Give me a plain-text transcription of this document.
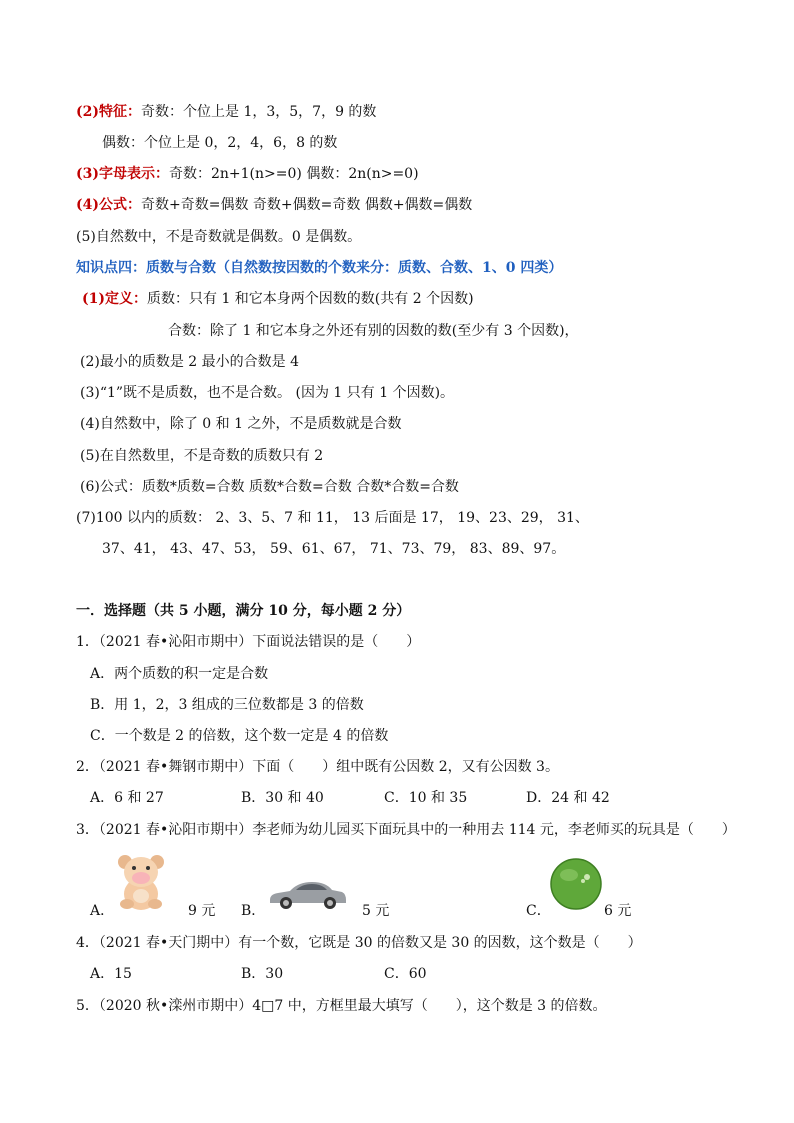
(2)特征：奇数：个位上是 1，3，5，7，9 的数
偶数：个位上是 0，2，4，6，8 的数
(3)字母表示：奇数：2n+1(n>=0) 偶数：2n(n>=0)
(4)公式：奇数+奇数=偶数 奇数+偶数=奇数 偶数+偶数=偶数
(5)自然数中，不是奇数就是偶数。0 是偶数。
知识点四：质数与合数（自然数按因数的个数来分：质数、合数、1、0 四类）
(1)定义：质数：只有 1 和它本身两个因数的数(共有 2 个因数)
合数：除了 1 和它本身之外还有别的因数的数(至少有 3 个因数)，
(2)最小的质数是 2 最小的合数是 4
(3)“1”既不是质数，也不是合数。 (因为 1 只有 1 个因数)。
(4)自然数中，除了 0 和 1 之外，不是质数就是合数
(5)在自然数里，不是奇数的质数只有 2
(6)公式：质数*质数=合数 质数*合数=合数 合数*合数=合数
(7)100 以内的质数： 2、3、5、7 和 11， 13 后面是 17， 19、23、29， 31、
37、41， 43、47、53， 59、61、67， 71、73、79， 83、89、97。
一．选择题（共 5 小题，满分 10 分，每小题 2 分）
1．（2021 春•沁阳市期中）下面说法错误的是（　　）
A．两个质数的积一定是合数
B．用 1，2，3 组成的三位数都是 3 的倍数
C．一个数是 2 的倍数，这个数一定是 4 的倍数
2．（2021 春•舞钢市期中）下面（　　）组中既有公因数 2，又有公因数 3。
A．6 和 27	B．30 和 40	C．10 和 35	D．24 和 42
3．（2021 春•沁阳市期中）李老师为幼儿园买下面玩具中的一种用去 114 元，李老师买的玩具是（　　）
A．	9 元 B．	5 元	C．	6 元
4．（2021 春•天门期中）有一个数，它既是 30 的倍数又是 30 的因数，这个数是（　　）
A．15	B．30	C．60
5．（2020 秋•滦州市期中）4□7 中，方框里最大填写（　　），这个数是 3 的倍数。
